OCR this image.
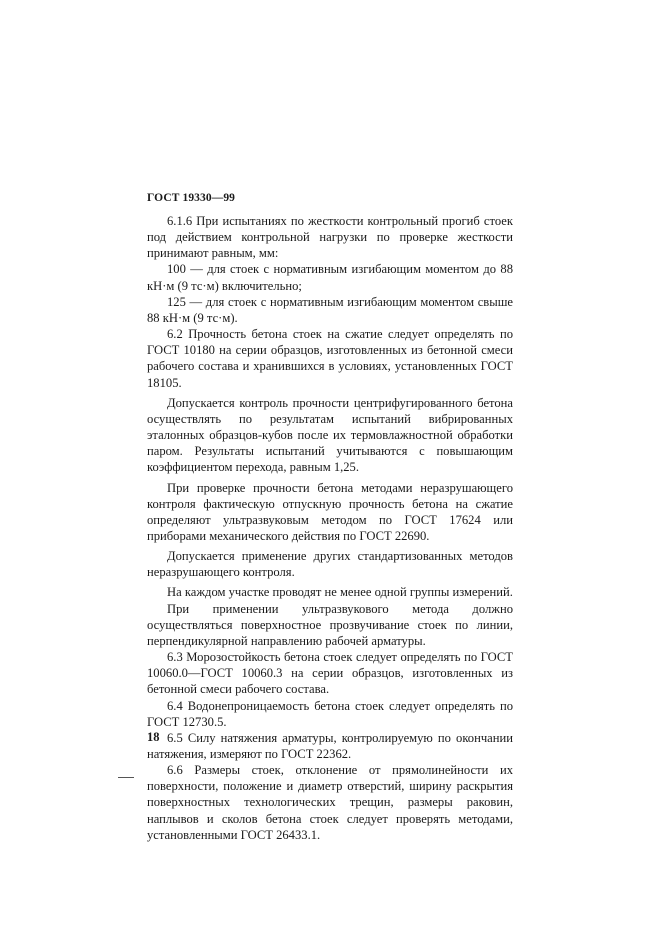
ГОСТ 19330—99

6.1.6 При испытаниях по жесткости контрольный прогиб стоек под действием контрольной нагрузки по проверке жесткости принимают равным, мм:

100 — для стоек с нормативным изгибающим моментом до 88 кН·м (9 тс·м) включительно;

125 — для стоек с нормативным изгибающим моментом свыше 88 кН·м (9 тс·м).

6.2 Прочность бетона стоек на сжатие следует определять по ГОСТ 10180 на серии образцов, изготовленных из бетонной смеси рабочего состава и хранившихся в условиях, установленных ГОСТ 18105.

Допускается контроль прочности центрифугированного бетона осуществлять по результатам испытаний вибрированных эталонных образцов-кубов после их термовлажностной обработки паром. Результаты испытаний учитываются с повышающим коэффициентом перехода, равным 1,25.

При проверке прочности бетона методами неразрушающего контроля фактическую отпускную прочность бетона на сжатие определяют ультразвуковым методом по ГОСТ 17624 или приборами механического действия по ГОСТ 22690.

Допускается применение других стандартизованных методов неразрушающего контроля.

На каждом участке проводят не менее одной группы измерений.

При применении ультразвукового метода должно осуществляться поверхностное прозвучивание стоек по линии, перпендикулярной направлению рабочей арматуры.

6.3 Морозостойкость бетона стоек следует определять по ГОСТ 10060.0—ГОСТ 10060.3 на серии образцов, изготовленных из бетонной смеси рабочего состава.

6.4 Водонепроницаемость бетона стоек следует определять по ГОСТ 12730.5.

6.5 Силу натяжения арматуры, контролируемую по окончании натяжения, измеряют по ГОСТ 22362.

6.6 Размеры стоек, отклонение от прямолинейности их поверхности, положение и диаметр отверстий, ширину раскрытия поверхностных технологических трещин, размеры раковин, наплывов и сколов бетона стоек следует проверять методами, установленными ГОСТ 26433.1.

18
